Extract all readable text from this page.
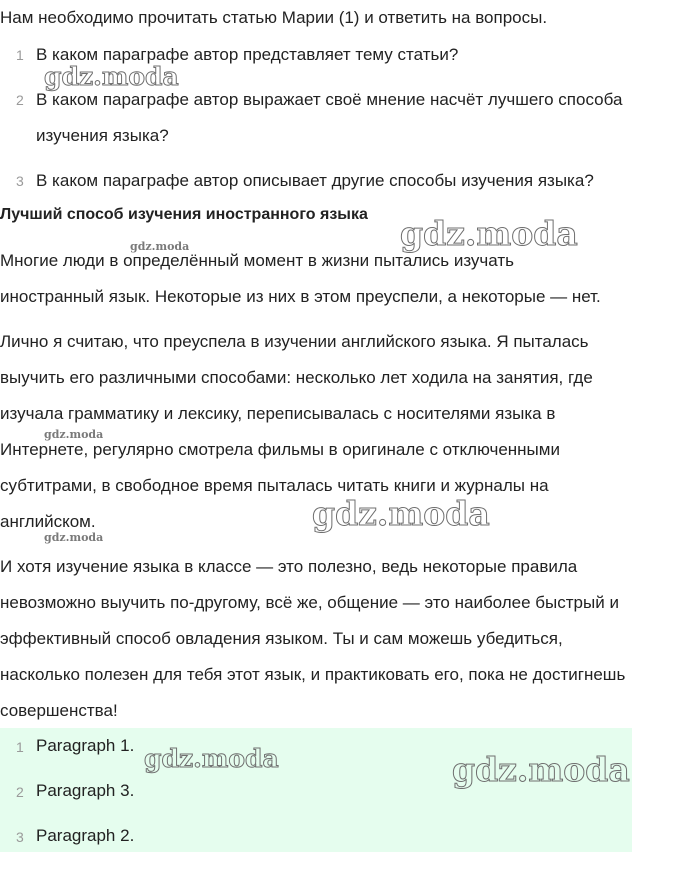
Нам необходимо прочитать статью Марии (1) и ответить на вопросы.
1 В каком параграфе автор представляет тему статьи?
2 В каком параграфе автор выражает своё мнение насчёт лучшего способа
изучения языка?
3 В каком параграфе автор описывает другие способы изучения языка?
Лучший способ изучения иностранного языка
Многие люди в определённый момент в жизни пытались изучать
иностранный язык. Некоторые из них в этом преуспели, а некоторые — нет.
Лично я считаю, что преуспела в изучении английского языка. Я пыталась
выучить его различными способами: несколько лет ходила на занятия, где
изучала грамматику и лексику, переписывалась с носителями языка в
Интернете, регулярно смотрела фильмы в оригинале с отключенными
субтитрами, в свободное время пыталась читать книги и журналы на
английском.
И хотя изучение языка в классе — это полезно, ведь некоторые правила
невозможно выучить по-другому, всё же, общение — это наиболее быстрый и
эффективный способ овладения языком. Ты и сам можешь убедиться,
насколько полезен для тебя этот язык, и практиковать его, пока не достигнешь
совершенства!
1 Paragraph 1.
2 Paragraph 3.
3 Paragraph 2.
gdz.moda
gdz.moda
gdz.moda
gdz.moda
gdz.moda
gdz.moda
gdz.moda	gdz.moda
